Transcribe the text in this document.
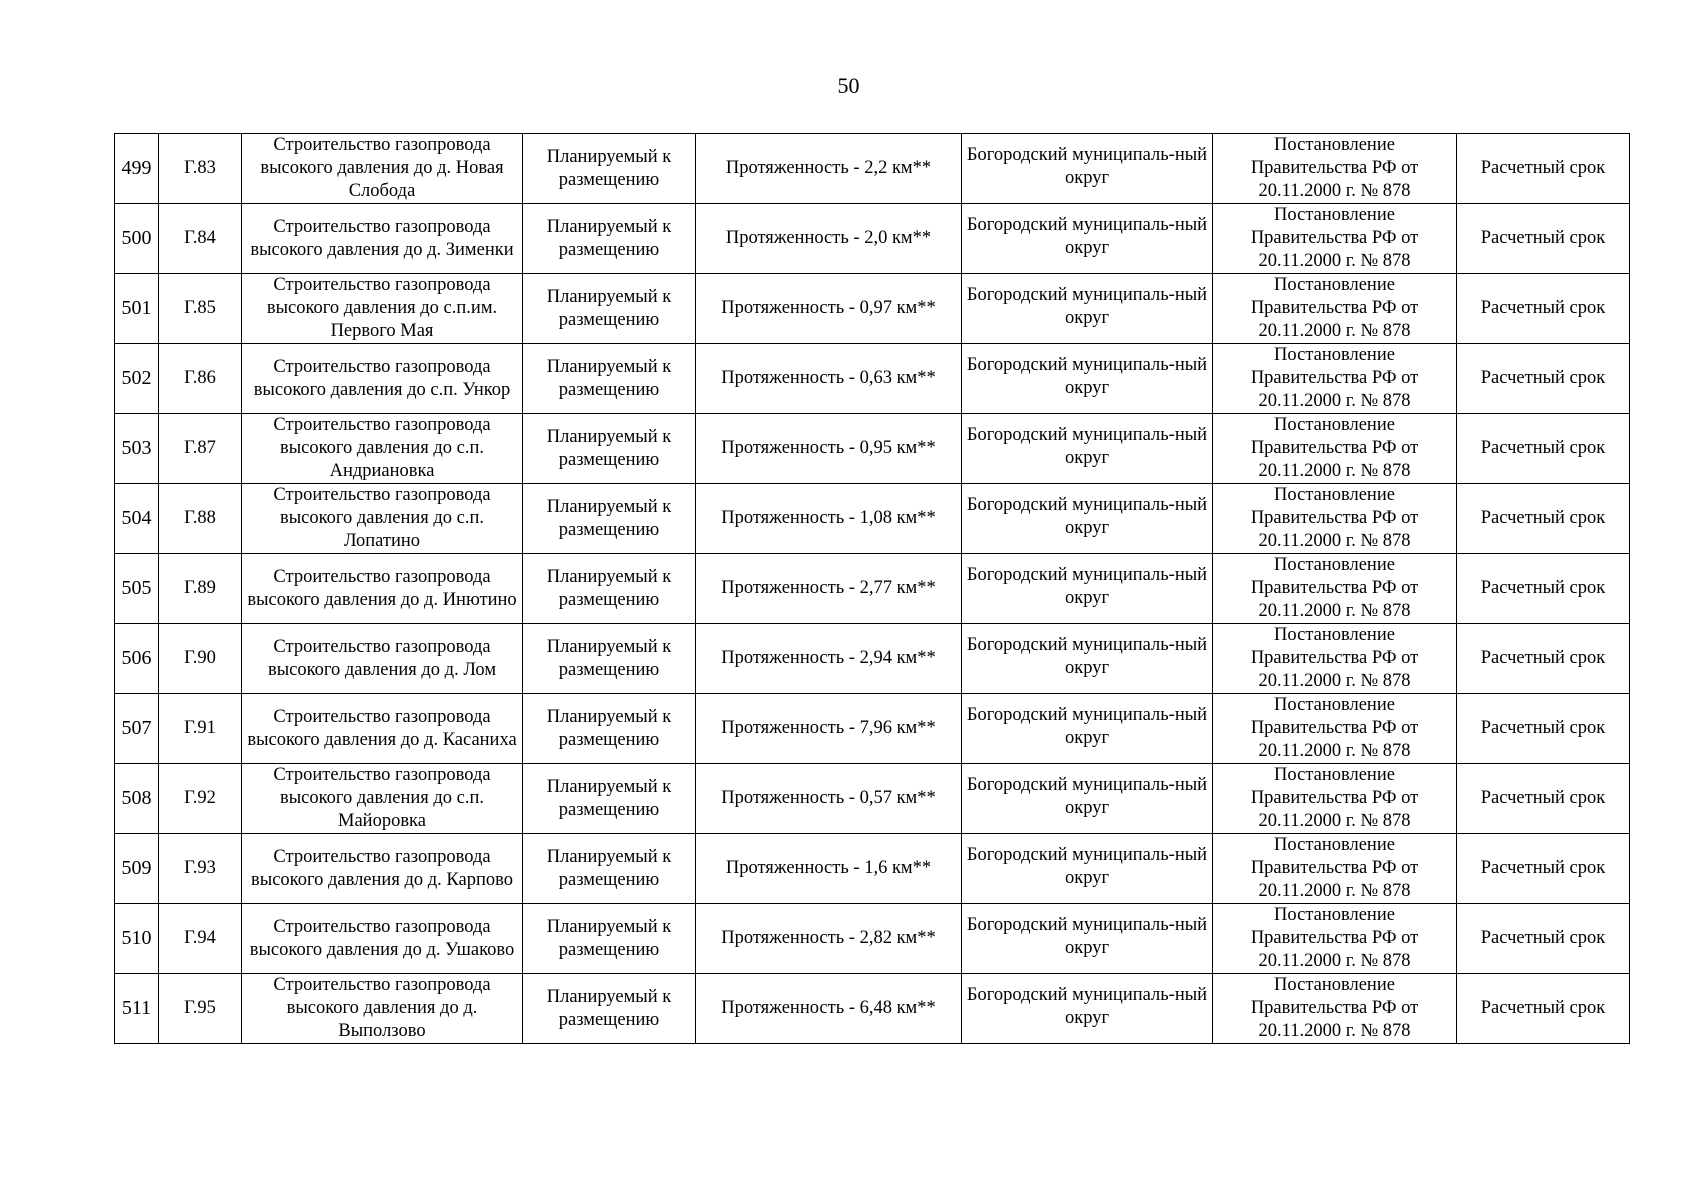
50
499	Г.83	Строительство газопровода высокого давления до д. Новая Слобода	Планируемый к размещению	Протяженность - 2,2 км**	Богородский муниципаль-ный округ	Постановление Правительства РФ от 20.11.2000 г. № 878	Расчетный срок
500	Г.84	Строительство газопровода высокого давления до д. Зименки	Планируемый к размещению	Протяженность - 2,0 км**	Богородский муниципаль-ный округ	Постановление Правительства РФ от 20.11.2000 г. № 878	Расчетный срок
501	Г.85	Строительство газопровода высокого давления до с.п.им. Первого Мая	Планируемый к размещению	Протяженность - 0,97 км**	Богородский муниципаль-ный округ	Постановление Правительства РФ от 20.11.2000 г. № 878	Расчетный срок
502	Г.86	Строительство газопровода высокого давления до с.п. Ункор	Планируемый к размещению	Протяженность - 0,63 км**	Богородский муниципаль-ный округ	Постановление Правительства РФ от 20.11.2000 г. № 878	Расчетный срок
503	Г.87	Строительство газопровода высокого давления до с.п. Андриановка	Планируемый к размещению	Протяженность - 0,95 км**	Богородский муниципаль-ный округ	Постановление Правительства РФ от 20.11.2000 г. № 878	Расчетный срок
504	Г.88	Строительство газопровода высокого давления до с.п. Лопатино	Планируемый к размещению	Протяженность - 1,08 км**	Богородский муниципаль-ный округ	Постановление Правительства РФ от 20.11.2000 г. № 878	Расчетный срок
505	Г.89	Строительство газопровода высокого давления до д. Инютино	Планируемый к размещению	Протяженность - 2,77 км**	Богородский муниципаль-ный округ	Постановление Правительства РФ от 20.11.2000 г. № 878	Расчетный срок
506	Г.90	Строительство газопровода высокого давления до д. Лом	Планируемый к размещению	Протяженность - 2,94 км**	Богородский муниципаль-ный округ	Постановление Правительства РФ от 20.11.2000 г. № 878	Расчетный срок
507	Г.91	Строительство газопровода высокого давления до д. Касаниха	Планируемый к размещению	Протяженность - 7,96 км**	Богородский муниципаль-ный округ	Постановление Правительства РФ от 20.11.2000 г. № 878	Расчетный срок
508	Г.92	Строительство газопровода высокого давления до с.п. Майоровка	Планируемый к размещению	Протяженность - 0,57 км**	Богородский муниципаль-ный округ	Постановление Правительства РФ от 20.11.2000 г. № 878	Расчетный срок
509	Г.93	Строительство газопровода высокого давления до д. Карпово	Планируемый к размещению	Протяженность - 1,6 км**	Богородский муниципаль-ный округ	Постановление Правительства РФ от 20.11.2000 г. № 878	Расчетный срок
510	Г.94	Строительство газопровода высокого давления до д. Ушаково	Планируемый к размещению	Протяженность - 2,82 км**	Богородский муниципаль-ный округ	Постановление Правительства РФ от 20.11.2000 г. № 878	Расчетный срок
511	Г.95	Строительство газопровода высокого давления до д. Выползово	Планируемый к размещению	Протяженность - 6,48 км**	Богородский муниципаль-ный округ	Постановление Правительства РФ от 20.11.2000 г. № 878	Расчетный срок
